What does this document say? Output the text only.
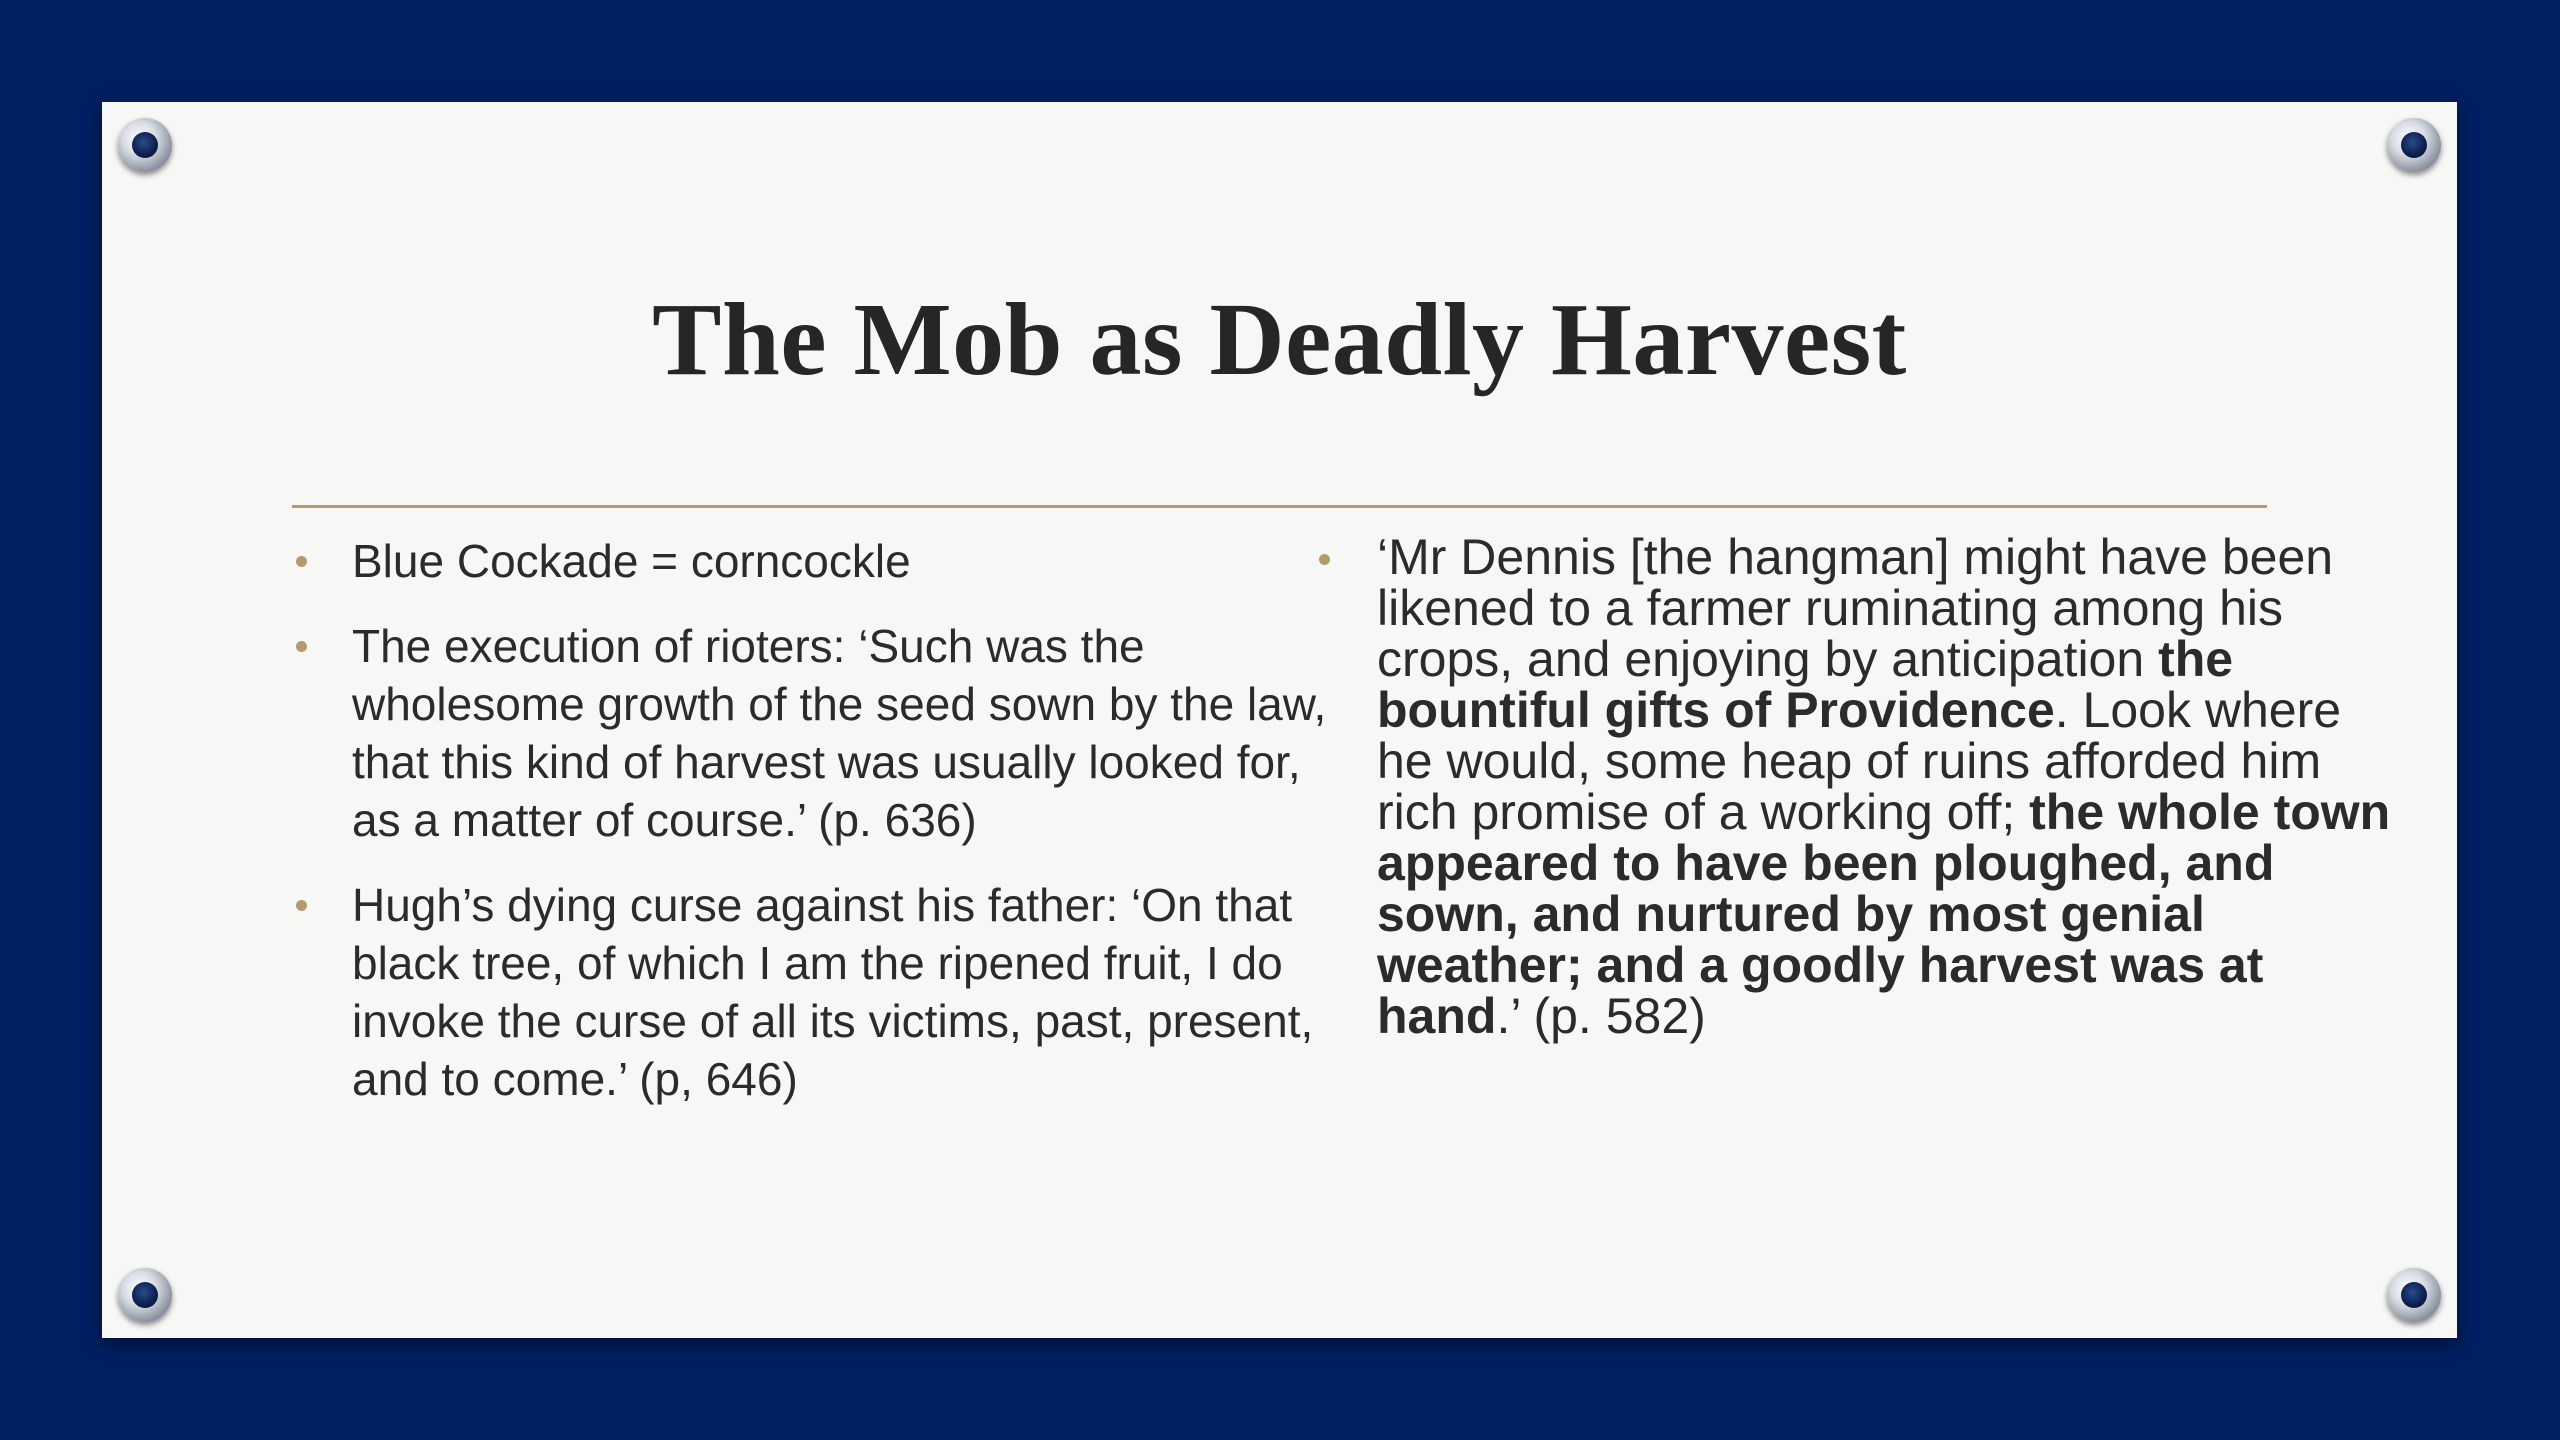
The Mob as Deadly Harvest
Blue Cockade = corncockle
The execution of rioters: ‘Such was the wholesome growth of the seed sown by the law, that this kind of harvest was usually looked for, as a matter of course.’ (p. 636)
Hugh’s dying curse against his father: ‘On that black tree, of which I am the ripened fruit, I do invoke the curse of all its victims, past, present, and to come.’ (p, 646)
‘Mr Dennis [the hangman] might have been likened to a farmer ruminating among his crops, and enjoying by anticipation the bountiful gifts of Providence. Look where he would, some heap of ruins afforded him rich promise of a working off; the whole town appeared to have been ploughed, and sown, and nurtured by most genial weather; and a goodly harvest was at hand.’ (p. 582)
